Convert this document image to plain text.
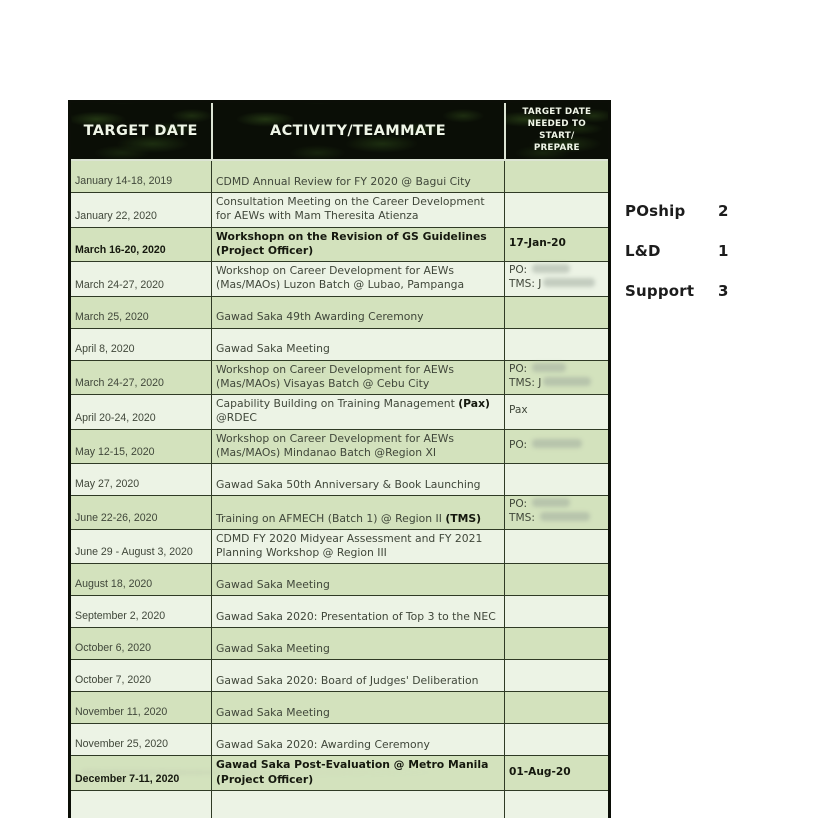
TARGET DATE	ACTIVITY/TEAMMATE	TARGET DATE
NEEDED TO START/
PREPARE
January 14-18, 2019	CDMD Annual Review for FY 2020 @ Bagui City	
January 22, 2020	Consultation Meeting on the Career Development for AEWs with Mam Theresita Atienza	
March 16-20, 2020	Workshopn on the Revision of GS Guidelines (Project Officer)	17-Jan-20
March 24-27, 2020	Workshop on Career Development for AEWs (Mas/MAOs) Luzon Batch @ Lubao, Pampanga	PO:
TMS: J
March 25, 2020	Gawad Saka 49th Awarding Ceremony	
April 8, 2020	Gawad Saka Meeting	
March 24-27, 2020	Workshop on Career Development for AEWs (Mas/MAOs) Visayas Batch @ Cebu City	PO:
TMS: J
April 20-24, 2020	Capability Building on Training Management (Pax)
@RDEC	Pax
May 12-15, 2020	Workshop on Career Development for AEWs (Mas/MAOs) Mindanao Batch @Region XI	PO:
May 27, 2020	Gawad Saka 50th Anniversary & Book Launching	
June 22-26, 2020	Training on AFMECH (Batch 1) @ Region II (TMS)	PO:
TMS:
June 29 - August 3, 2020	CDMD FY 2020 Midyear Assessment and FY 2021 Planning Workshop @ Region III	
August 18, 2020	Gawad Saka Meeting	
September 2, 2020	Gawad Saka 2020: Presentation of Top 3 to the NEC	
October 6, 2020	Gawad Saka Meeting	
October 7, 2020	Gawad Saka 2020: Board of Judges' Deliberation	
November 11, 2020	Gawad Saka Meeting	
November 25, 2020	Gawad Saka 2020: Awarding Ceremony	
December 7-11, 2020	Gawad Saka Post-Evaluation @ Metro Manila (Project Officer)	01-Aug-20

POship	2
L&D	1
Support	3
